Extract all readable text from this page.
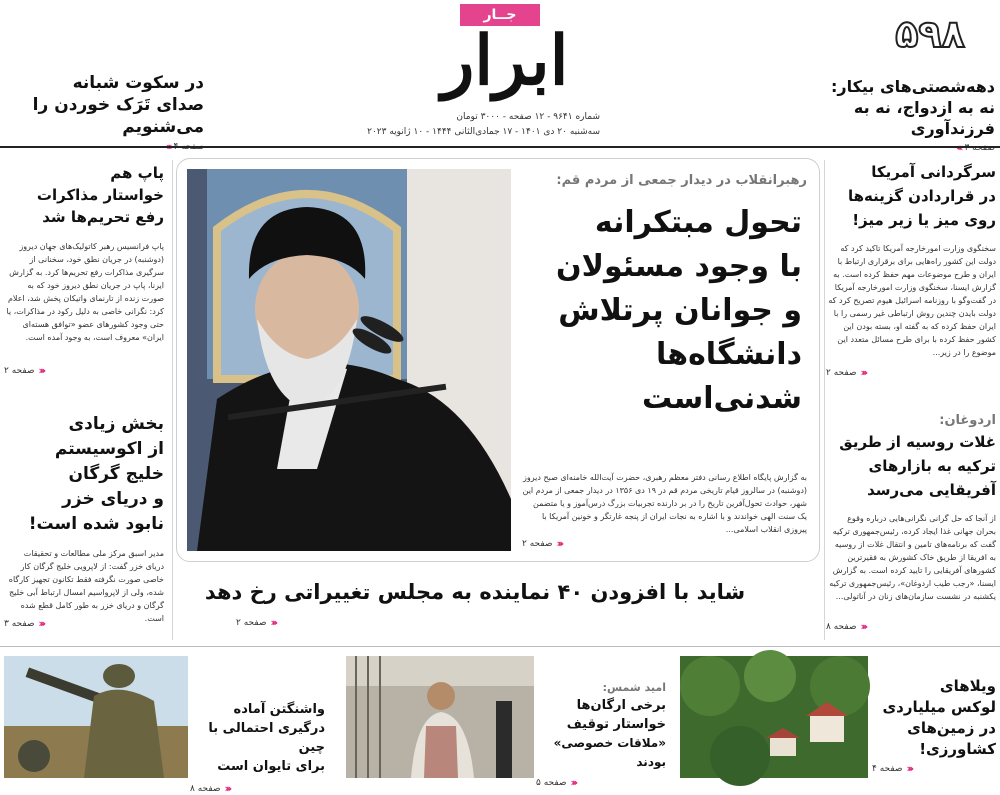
در سکوت شبانه
صدای تَرَک خوردن را می‌شنویم
جــار
ابرار
شماره ۹۶۴۱ - ۱۲ صفحه - ۳۰۰۰ تومان
سه‌شنبه ۲۰ دی ۱۴۰۱ - ۱۷ جمادی‌الثانی ۱۴۴۴ - ۱۰ ژانویه ۲۰۲۳
۵۹۸
دهه‌شصتی‌های بیکار:
نه به ازدواج، نه به فرزندآوری
پاپ هم
خواستار مذاکرات
رفع تحریم‌ها شد
پاپ فرانسیس رهبر کاتولیک‌های جهان دیروز (دوشنبه) در جریان نطق خود، سخنانی از سرگیری مذاکرات رفع تحریم‌ها کرد. به گزارش ایرنا، پاپ در جریان نطق دیروز خود که به صورت زنده از تارنمای واتیکان پخش شد، اعلام کرد: نگرانی خاصی به دلیل رکود در مذاکرات، یا حتی وجود کشورهای عضو «توافق هسته‌ای ایران» معروف است، به وجود آمده است.
‹‹‹
صفحه ۲
بخش زیادی
از اکوسیستم
خلیج گرگان
و دریای خزر
نابود شده است!
مدیر اسبق مرکز ملی مطالعات و تحقیقات دریای خزر گفت: از لاپرویی خلیج گرگان کار خاصی صورت نگرفته فقط تکانون تجهیز کارگاه شده، ولی از لاپرواسیم امسال ارتباط آبی خلیج گرگان و دریای خزر به طور کامل قطع شده است.
‹‹‹
صفحه ۳
رهبرانقلاب در دیدار جمعی از مردم قم:
تحول مبتکرانه
با وجود مسئولان
و جوانان پرتلاش
دانشگاه‌ها
شدنی‌است
به گزارش پایگاه اطلاع رسانی دفتر معظم رهبری، حضرت آیت‌الله خامنه‌ای صبح دیروز (دوشنبه) در سالروز قیام تاریخی مردم قم در ۱۹ دی ۱۳۵۶ در دیدار جمعی از مردم این شهر، حوادث تحول‌آفرین تاریخ را در بر دارنده تجربیات بزرگ درس‌آموز و یا متضمن یک سنت الهی خواندند و با اشاره به نجات ایران از پنجه غارتگر و خونین آمریکا با پیروزی انقلاب اسلامی...
‹‹‹
صفحه ۲
شاید با افزودن ۴۰ نماینده به مجلس تغییراتی رخ دهد
‹‹‹
صفحه ۲
سرگردانی آمریکا
در قراردادن گزینه‌ها
روی میز یا زیر میز!
سخنگوی وزارت امورخارجه آمریکا تاکید کرد که دولت این کشور راه‌هایی برای برقراری ارتباط با ایران و طرح موضوعات مهم حفظ کرده است. به گزارش ایسنا، سخنگوی وزارت امورخارجه آمریکا در گفت‌وگو با روزنامه اسرائیل هیوم تصریح کرد که دولت بایدن چندین روش ارتباطی غیر رسمی را با ایران حفظ کرده که به گفته او، بسته بودن این کشور حفظ کرده با برای طرح مسائل متعدد این موضوع را در زیر...
‹‹‹
صفحه ۲
اردوغان:
غلات روسیه از طریق
ترکیه به بازارهای
آفریقایی می‌رسد
از آنجا که حل گرانی نگرانی‌هایی درباره وقوع بحران جهانی غذا ایجاد کرده، رئیس‌جمهوری ترکیه گفت که برنامه‌های تامین و انتقال غلات از روسیه به افریقا از طریق خاک کشورش به فقیرترین کشورهای آفریقایی را تایید کرده است. به گزارش ایسنا، «رجب طیب اردوغان»، رئیس‌جمهوری ترکیه یکشنبه در نشست سازمان‌های زنان در آناتولی...
‹‹‹
صفحه ۸
واشنگتن آماده
درگیری احتمالی با چین
برای تایوان است
‹‹‹
صفحه ۸
امید شمس:
برخی ارگان‌ها
خواستار توقیف
«ملاقات خصوصی» بودند
‹‹‹
صفحه ۵
ویلاهای
لوکس میلیاردی
در زمین‌های
کشاورزی!
‹‹‹
صفحه ۴
